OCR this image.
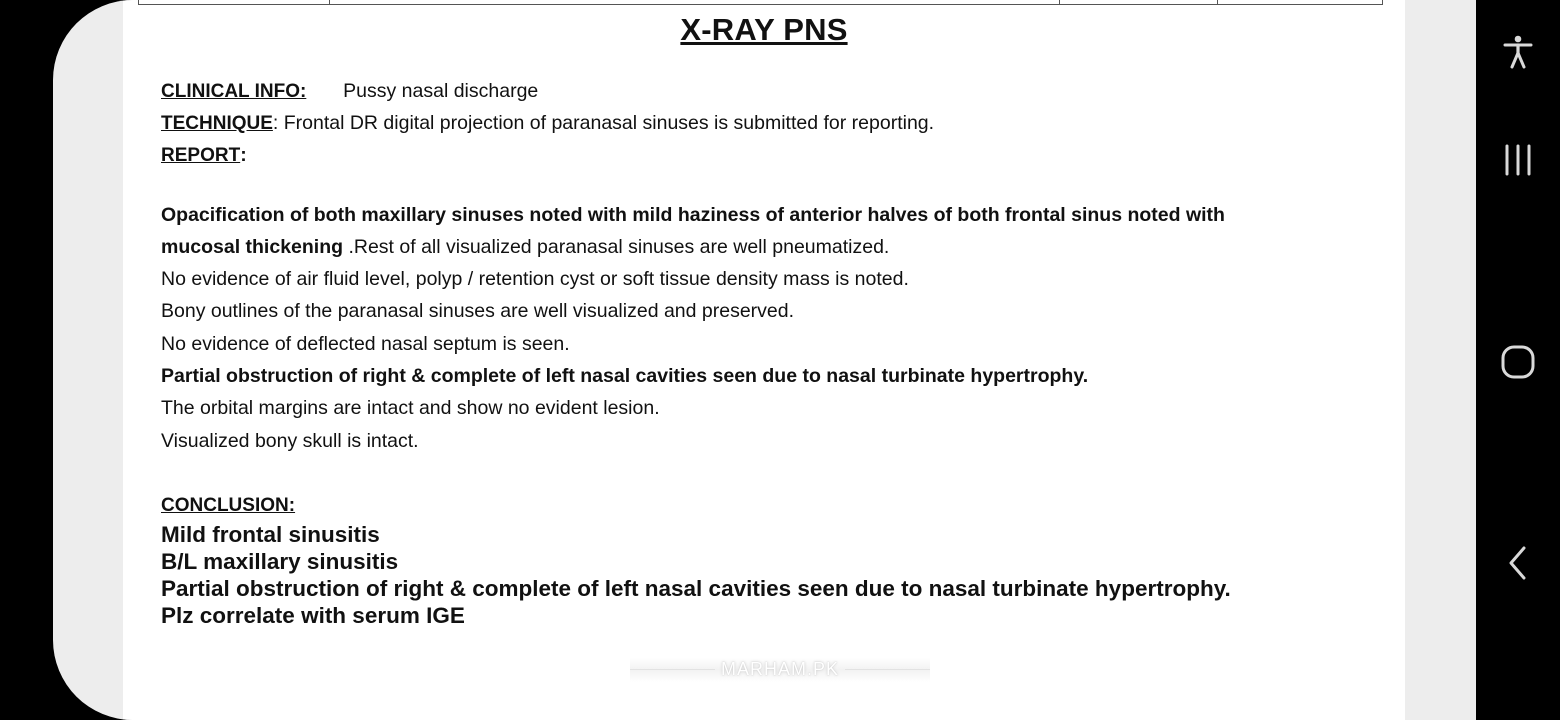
X-RAY PNS
CLINICAL INFO: Pussy nasal discharge
TECHNIQUE: Frontal DR digital projection of paranasal sinuses is submitted for reporting.
REPORT:
Opacification of both maxillary sinuses noted with mild haziness of anterior halves of both frontal sinus noted with
mucosal thickening .Rest of all visualized paranasal sinuses are well pneumatized.
No evidence of air fluid level, polyp / retention cyst or soft tissue density mass is noted.
Bony outlines of the paranasal sinuses are well visualized and preserved.
No evidence of deflected nasal septum is seen.
Partial obstruction of right & complete of left nasal cavities seen due to nasal turbinate hypertrophy.
The orbital margins are intact and show no evident lesion.
Visualized bony skull is intact.
CONCLUSION:
Mild frontal sinusitis
B/L maxillary sinusitis
Partial obstruction of right & complete of left nasal cavities seen due to nasal turbinate hypertrophy.
Plz correlate with serum IGE
MARHAM.PK
